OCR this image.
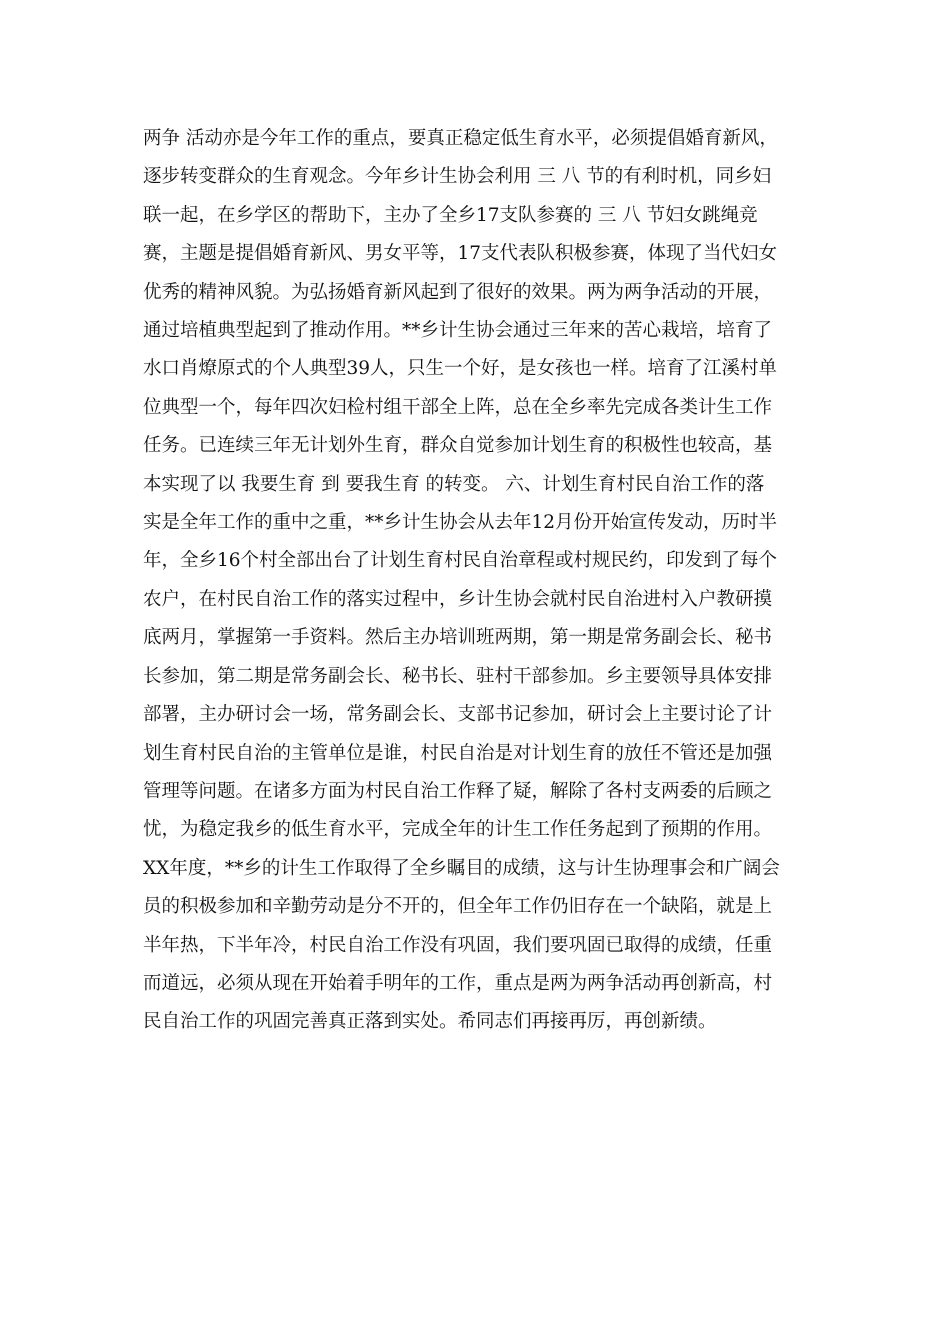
两争 活动亦是今年工作的重点，要真正稳定低生育水平，必须提倡婚育新风，
逐步转变群众的生育观念。今年乡计生协会利用 三 八 节的有利时机，同乡妇
联一起，在乡学区的帮助下，主办了全乡17支队参赛的 三 八 节妇女跳绳竞
赛，主题是提倡婚育新风、男女平等，17支代表队积极参赛，体现了当代妇女
优秀的精神风貌。为弘扬婚育新风起到了很好的效果。两为两争活动的开展，
通过培植典型起到了推动作用。**乡计生协会通过三年来的苦心栽培，培育了
水口肖燎原式的个人典型39人，只生一个好，是女孩也一样。培育了江溪村单
位典型一个，每年四次妇检村组干部全上阵，总在全乡率先完成各类计生工作
任务。已连续三年无计划外生育，群众自觉参加计划生育的积极性也较高，基
本实现了以 我要生育 到 要我生育 的转变。 六、计划生育村民自治工作的落
实是全年工作的重中之重，**乡计生协会从去年12月份开始宣传发动，历时半
年，全乡16个村全部出台了计划生育村民自治章程或村规民约，印发到了每个
农户，在村民自治工作的落实过程中，乡计生协会就村民自治进村入户教研摸
底两月，掌握第一手资料。然后主办培训班两期，第一期是常务副会长、秘书
长参加，第二期是常务副会长、秘书长、驻村干部参加。乡主要领导具体安排
部署，主办研讨会一场，常务副会长、支部书记参加，研讨会上主要讨论了计
划生育村民自治的主管单位是谁，村民自治是对计划生育的放任不管还是加强
管理等问题。在诸多方面为村民自治工作释了疑，解除了各村支两委的后顾之
忧，为稳定我乡的低生育水平，完成全年的计生工作任务起到了预期的作用。
XX年度，**乡的计生工作取得了全乡瞩目的成绩，这与计生协理事会和广阔会
员的积极参加和辛勤劳动是分不开的，但全年工作仍旧存在一个缺陷，就是上
半年热，下半年冷，村民自治工作没有巩固，我们要巩固已取得的成绩，任重
而道远，必须从现在开始着手明年的工作，重点是两为两争活动再创新高，村
民自治工作的巩固完善真正落到实处。希同志们再接再厉，再创新绩。
